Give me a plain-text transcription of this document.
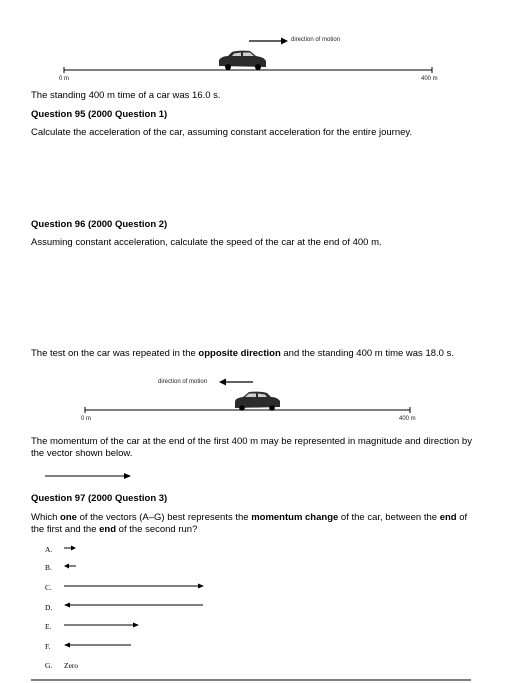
direction of motion
0 m	400 m
The standing 400 m time of a car was 16.0 s.
Question 95 (2000 Question 1)
Calculate the acceleration of the car, assuming constant acceleration for the entire journey.
Question 96 (2000 Question 2)
Assuming constant acceleration, calculate the speed of the car at the end of 400 m.
The test on the car was repeated in the opposite direction and the standing 400 m time was 18.0 s.
direction of motion
0 m	400 m
The momentum of the car at the end of the first 400 m may be represented in magnitude and direction by the vector shown below.
Question 97 (2000 Question 3)
Which one of the vectors (A–G) best represents the momentum change of the car, between the end of the first and the end of the second run?
A.
B.
C.
D.
E.
F.
G. Zero
